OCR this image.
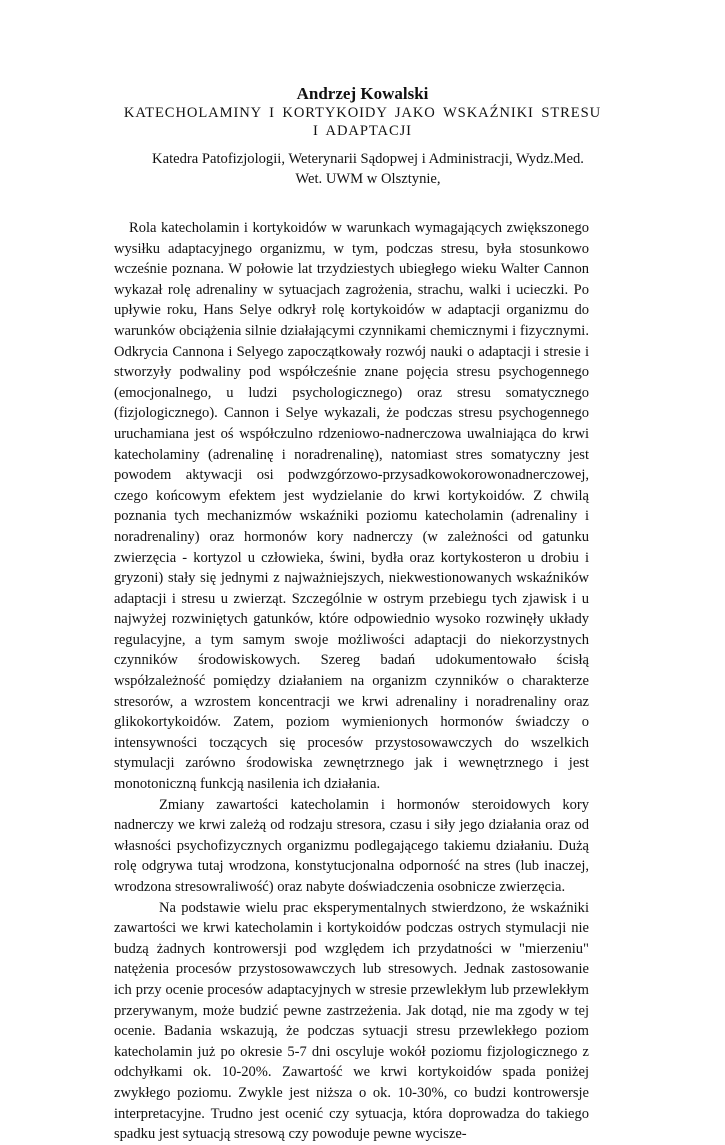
Andrzej Kowalski

KATECHOLAMINY I KORTYKOIDY JAKO WSKAŹNIKI STRESU

I ADAPTACJI

Katedra Patofizjologii, Weterynarii Sądopwej i Administracji, Wydz.Med.

Wet. UWM w Olsztynie,

Rola katecholamin i kortykoidów w warunkach wymagających zwiększonego wysiłku adaptacyjnego organizmu, w tym, podczas stresu, była stosunkowo wcześnie poznana. W połowie lat trzydziestych ubiegłego wieku Walter Cannon wykazał rolę adrenaliny w sytuacjach zagrożenia, strachu, walki i ucieczki. Po upływie roku, Hans Selye odkrył rolę kortykoidów w adaptacji organizmu do warunków obciążenia silnie działającymi czynnikami chemicznymi i fizycznymi. Odkrycia Cannona i Selyego zapoczątkowały rozwój nauki o adaptacji i stresie i stworzyły podwaliny pod współcześnie znane pojęcia stresu psychogennego (emocjonalnego, u ludzi psychologicznego) oraz stresu somatycznego (fizjologicznego). Cannon i Selye wykazali, że podczas stresu psychogennego uruchamiana jest oś współczulno rdzeniowo-nadnerczowa uwalniająca do krwi katecholaminy (adrenalinę i noradrenalinę), natomiast stres somatyczny jest powodem aktywacji osi podwzgórzowo-przysadkowokorowonadnerczowej, czego końcowym efektem jest wydzielanie do krwi kortykoidów. Z chwilą poznania tych mechanizmów wskaźniki poziomu katecholamin (adrenaliny i noradrenaliny) oraz hormonów kory nadnerczy (w zależności od gatunku zwierzęcia - kortyzol u człowieka, świni, bydła oraz kortykosteron u drobiu i gryzoni) stały się jednymi z najważniejszych, niekwestionowanych wskaźników adaptacji i stresu u zwierząt. Szczególnie w ostrym przebiegu tych zjawisk i u najwyżej rozwiniętych gatunków, które odpowiednio wysoko rozwinęły układy regulacyjne, a tym samym swoje możliwości adaptacji do niekorzystnych czynników środowiskowych. Szereg badań udokumentowało ścisłą współzależność pomiędzy działaniem na organizm czynników o charakterze stresorów, a wzrostem koncentracji we krwi adrenaliny i noradrenaliny oraz glikokortykoidów. Zatem, poziom wymienionych hormonów świadczy o intensywności toczących się procesów przystosowawczych do wszelkich stymulacji zarówno środowiska zewnętrznego jak i wewnętrznego i jest monotoniczną funkcją nasilenia ich działania.

Zmiany zawartości katecholamin i hormonów steroidowych kory nadnerczy we krwi zależą od rodzaju stresora, czasu i siły jego działania oraz od własności psychofizycznych organizmu podlegającego takiemu działaniu. Dużą rolę odgrywa tutaj wrodzona, konstytucjonalna odporność na stres (lub inaczej, wrodzona stresowraliwość) oraz nabyte doświadczenia osobnicze zwierzęcia.

Na podstawie wielu prac eksperymentalnych stwierdzono, że wskaźniki zawartości we krwi katecholamin i kortykoidów podczas ostrych stymulacji nie budzą żadnych kontrowersji pod względem ich przydatności w "mierzeniu" natężenia procesów przystosowawczych lub stresowych. Jednak zastosowanie ich przy ocenie procesów adaptacyjnych w stresie przewlekłym lub przewlekłym przerywanym, może budzić pewne zastrzeżenia. Jak dotąd, nie ma zgody w tej ocenie. Badania wskazują, że podczas sytuacji stresu przewlekłego poziom katecholamin już po okresie 5-7 dni oscyluje wokół poziomu fizjologicznego z odchyłkami ok. 10-20%. Zawartość we krwi kortykoidów spada poniżej zwykłego poziomu. Zwykle jest niższa o ok. 10-30%, co budzi kontrowersje interpretacyjne. Trudno jest ocenić czy sytuacja, która doprowadza do takiego spadku jest sytuacją stresową czy powoduje pewne wycisze-
